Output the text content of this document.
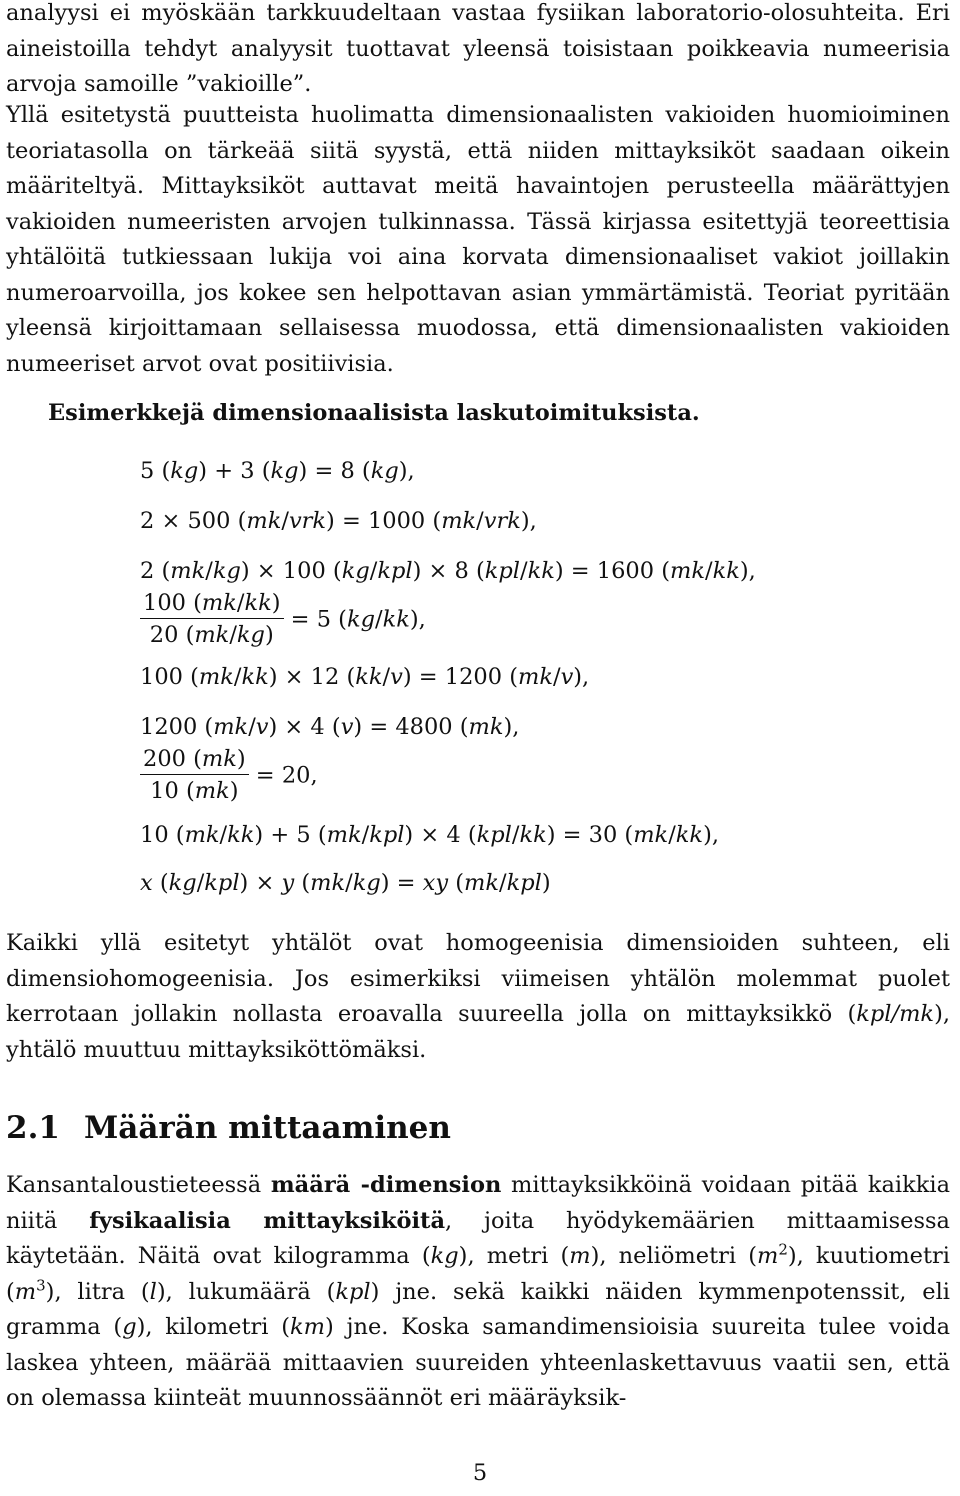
analyysi ei myöskään tarkkuudeltaan vastaa fysiikan laboratorio-olosuhteita. Eri aineistoilla tehdyt analyysit tuottavat yleensä toisistaan poikkeavia numeerisia arvoja samoille ”vakioille”.

Yllä esitetystä puutteista huolimatta dimensionaalisten vakioiden huomioiminen teoriatasolla on tärkeää siitä syystä, että niiden mittayksiköt saadaan oikein määriteltyä. Mittayksiköt auttavat meitä havaintojen perusteella määrättyjen vakioiden numeeristen arvojen tulkinnassa. Tässä kirjassa esitettyjä teoreettisia yhtälöitä tutkiessaan lukija voi aina korvata dimensionaaliset vakiot joillakin numeroarvoilla, jos kokee sen helpottavan asian ymmärtämistä. Teoriat pyritään yleensä kirjoittamaan sellaisessa muodossa, että dimensionaalisten vakioiden numeeriset arvot ovat positiivisia.

Esimerkkejä dimensionaalisista laskutoimituksista.

5 (kg) + 3 (kg) = 8 (kg),
2 × 500 (mk/vrk) = 1000 (mk/vrk),
2 (mk/kg) × 100 (kg/kpl) × 8 (kpl/kk) = 1600 (mk/kk),
$\frac{100 (mk/kk)}{20 (mk/kg)} = 5$ (kg/kk),
100 (mk/kk) × 12 (kk/v) = 1200 (mk/v),
1200 (mk/v) × 4 (v) = 4800 (mk),
$\frac{200 (mk)}{10 (mk)} = 20$,
10 (mk/kk) + 5 (mk/kpl) × 4 (kpl/kk) = 30 (mk/kk),
x (kg/kpl) × y (mk/kg) = xy (mk/kpl)

Kaikki yllä esitetyt yhtälöt ovat homogeenisia dimensioiden suhteen, eli dimensiohomogeenisia. Jos esimerkiksi viimeisen yhtälön molemmat puolet kerrotaan jollakin nollasta eroavalla suureella jolla on mittayksikkö (kpl/mk), yhtälö muuttuu mittayksiköttömäksi.

2.1 Määrän mittaaminen

Kansantaloustieteessä määrä -dimension mittayksikköinä voidaan pitää kaikkia niitä fysikaalisia mittayksiköitä, joita hyödykemäärien mittaamisessa käytetään. Näitä ovat kilogramma (kg), metri (m), neliömetri $(m^2)$, kuutiometri $(m^3)$, litra (l), lukumäärä (kpl) jne. sekä kaikki näiden kymmenpotenssit, eli gramma (g), kilometri (km) jne. Koska samandimensioisia suureita tulee voida laskea yhteen, määrää mittaavien suureiden yhteenlaskettavuus vaatii sen, että on olemassa kiinteät muunnossäännöt eri määräyksik-

5
